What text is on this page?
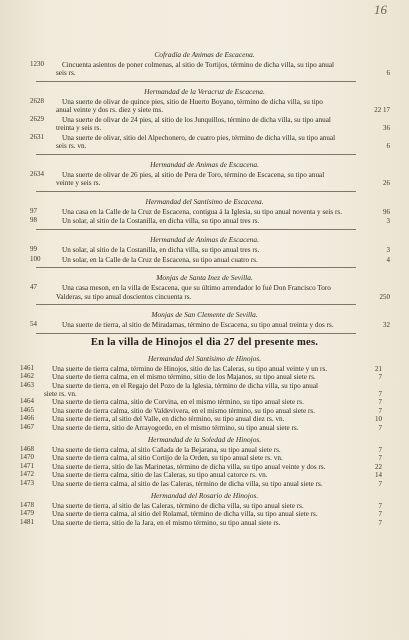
16
Cofradía de Animas de Escacena.
1230	Cincuenta asientos de poner colmenas, al sitio de Tortijos, término de dicha villa, su tipo anual
seis rs.	6
Hermandad de la Veracruz de Escacena.
2628	Una suerte de olivar de quince pies, sitio de Huerto Boyano, término de dicha villa, su tipo
anual veinte y dos rs. diez y siete ms.	22 17
2629	Una suerte de olivar de 24 pies, al sitio de los Junquillos, término de dicha villa, su tipo anual
treinta y seis rs.	36
2631	Una suerte de olivar, sitio del Alpechonero, de cuatro pies, término de dicha villa, su tipo anual
seis rs. vn.	6
Hermandad de Animas de Escacena.
2634	Una suerte de olivar de 26 pies, al sitio de Pera de Toro, término de Escacena, su tipo anual
veinte y seis rs.	26
Hermandad del Santísimo de Escacena.
97	Una casa en la Calle de la Cruz de Escacena, contigua á la Iglesia, su tipo anual noventa y seis rs.	96
98	Un solar, al sitio de la Costanilla, en dicha villa, su tipo anual tres rs.	3
Hermandad de Animas de Escacena.
99	Un solar, al sitio de la Costanilla, en dicha villa, su tipo anual tres rs.	3
100	Un solar, en la Calle de la Cruz de Escacena, su tipo anual cuatro rs.	4
Monjas de Santa Inez de Sevilla.
47	Una casa meson, en la villa de Escacena, que su último arrendador lo fué Don Francisco Toro
Valderas, su tipo anual doscientos cincuenta rs.	250
Monjas de San Clemente de Sevilla.
54	Una suerte de tierra, al sitio de Miradamas, término de Escacena, su tipo anual treinta y dos rs.	32
En la villa de Hinojos el dia 27 del presente mes.
Hermandad del Santísimo de Hinojos.
1461	Una suerte de tierra calma, término de Hinojos, sitio de las Caleras, su tipo anual veinte y un rs.	21
1462	Una suerte de tierra calma, en el mismo término, sitio de los Majanos, su tipo anual siete rs.	7
1463	Una suerte de tierra, en el Regajo del Pozo de la Iglesia, término de dicha villa, su tipo anual
siete rs. vn.	7
1464	Una suerte de tierra calma, sitio de Corvina, en el mismo término, su tipo anual siete rs.	7
1465	Una suerte de tierra calma, sitio de Valdevivera, en el mismo término, su tipo anual siete rs.	7
1466	Una suerte de tierra, al sitio del Valle, en dicho término, su tipo anual diez rs. vn.	10
1467	Una suerte de tierra, sitio de Arrayogordo, en el mismo término, su tipo anual siete rs.	7
Hermandad de la Soledad de Hinojos.
1468	Una suerte de tierra calma, al sitio Cañada de la Bejarana, su tipo anual siete rs.	7
1470	Una suerte de tierra calma, al sitio Cortijo de la Orden, su tipo anual siete rs. vn.	7
1471	Una suerte de tierra, sitio de las Marinetas, término de dicha villa, su tipo anual veinte y dos rs.	22
1472	Una suerte de tierra calma, sitio de las Caleras, su tipo anual catorce rs. vn.	14
1473	Una suerte de tierra calma, al sitio de las Caleras, término de dicha villa, su tipo anual siete rs.	7
Hermandad del Rosario de Hinojos.
1478	Una suerte de tierra, al sitio de las Caleras, término de dicha villa, su tipo anual siete rs.	7
1479	Una suerte de tierra calma, al sitio del Rolamal, término de dicha villa, su tipo anual siete rs.	7
1481	Una suerte de tierra, sitio de la Jara, en el mismo término, su tipo anual siete rs.	7
